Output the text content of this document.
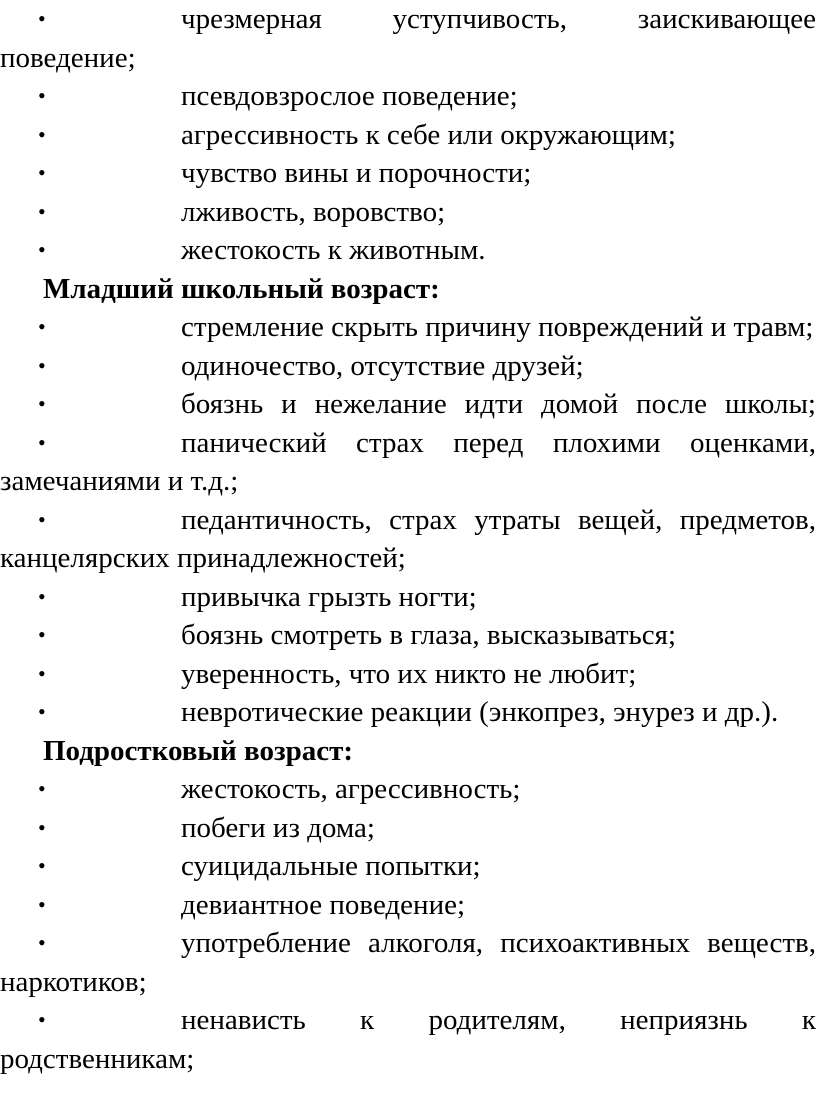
•	чрезмерная уступчивость, заискивающее поведение;

•	псевдовзрослое поведение;

•	агрессивность к себе или окружающим;

•	чувство вины и порочности;

•	лживость, воровство;

•	жестокость к животным.

Младший школьный возраст:

•	стремление скрыть причину повреждений и травм;

•	одиночество, отсутствие друзей;

•	боязнь и нежелание идти домой после школы;

•	панический страх перед плохими оценками, замечаниями и т.д.;

•	педантичность, страх утраты вещей, предметов, канцелярских принадлежностей;

•	привычка грызть ногти;

•	боязнь смотреть в глаза, высказываться;

•	уверенность, что их никто не любит;

•	невротические реакции (энкопрез, энурез и др.).

Подростковый возраст:

•	жестокость, агрессивность;

•	побеги из дома;

•	суицидальные попытки;

•	девиантное поведение;

•	употребление алкоголя, психоактивных веществ, наркотиков;

•	ненависть к родителям, неприязнь к родственникам;
